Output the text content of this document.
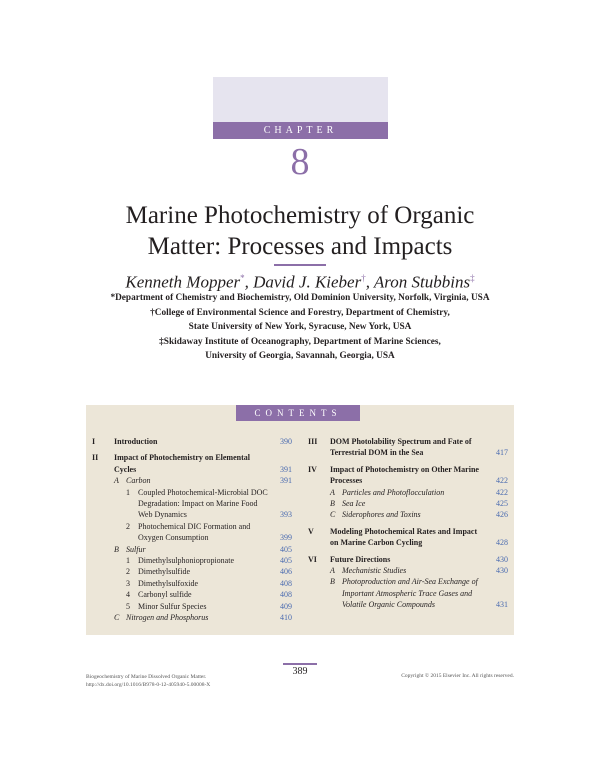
CHAPTER
8
Marine Photochemistry of Organic
Matter: Processes and Impacts
Kenneth Mopper*, David J. Kieber†, Aron Stubbins‡
*Department of Chemistry and Biochemistry, Old Dominion University, Norfolk, Virginia, USA
†College of Environmental Science and Forestry, Department of Chemistry,
State University of New York, Syracuse, New York, USA
‡Skidaway Institute of Oceanography, Department of Marine Sciences,
University of Georgia, Savannah, Georgia, USA
CONTENTS
I Introduction	390
II Impact of Photochemistry on Elemental Cycles	391
A Carbon	391
1 Coupled Photochemical-Microbial DOC Degradation: Impact on Marine Food Web Dynamics	393
2 Photochemical DIC Formation and Oxygen Consumption	399
B Sulfur	405
1 Dimethylsulphoniopropionate	405
2 Dimethylsulfide	406
3 Dimethylsulfoxide	408
4 Carbonyl sulfide	408
5 Minor Sulfur Species	409
C Nitrogen and Phosphorus	410
III DOM Photolability Spectrum and Fate of Terrestrial DOM in the Sea	417
IV Impact of Photochemistry on Other Marine Processes	422
A Particles and Photoflocculation	422
B Sea Ice	425
C Siderophores and Toxins	426
V Modeling Photochemical Rates and Impact on Marine Carbon Cycling	428
VI Future Directions	430
A Mechanistic Studies	430
B Photoproduction and Air-Sea Exchange of Important Atmospheric Trace Gases and Volatile Organic Compounds	431
389
Biogeochemistry of Marine Dissolved Organic Matter.
http://dx.doi.org/10.1016/B978-0-12-405940-5.00008-X
Copyright © 2015 Elsevier Inc. All rights reserved.
